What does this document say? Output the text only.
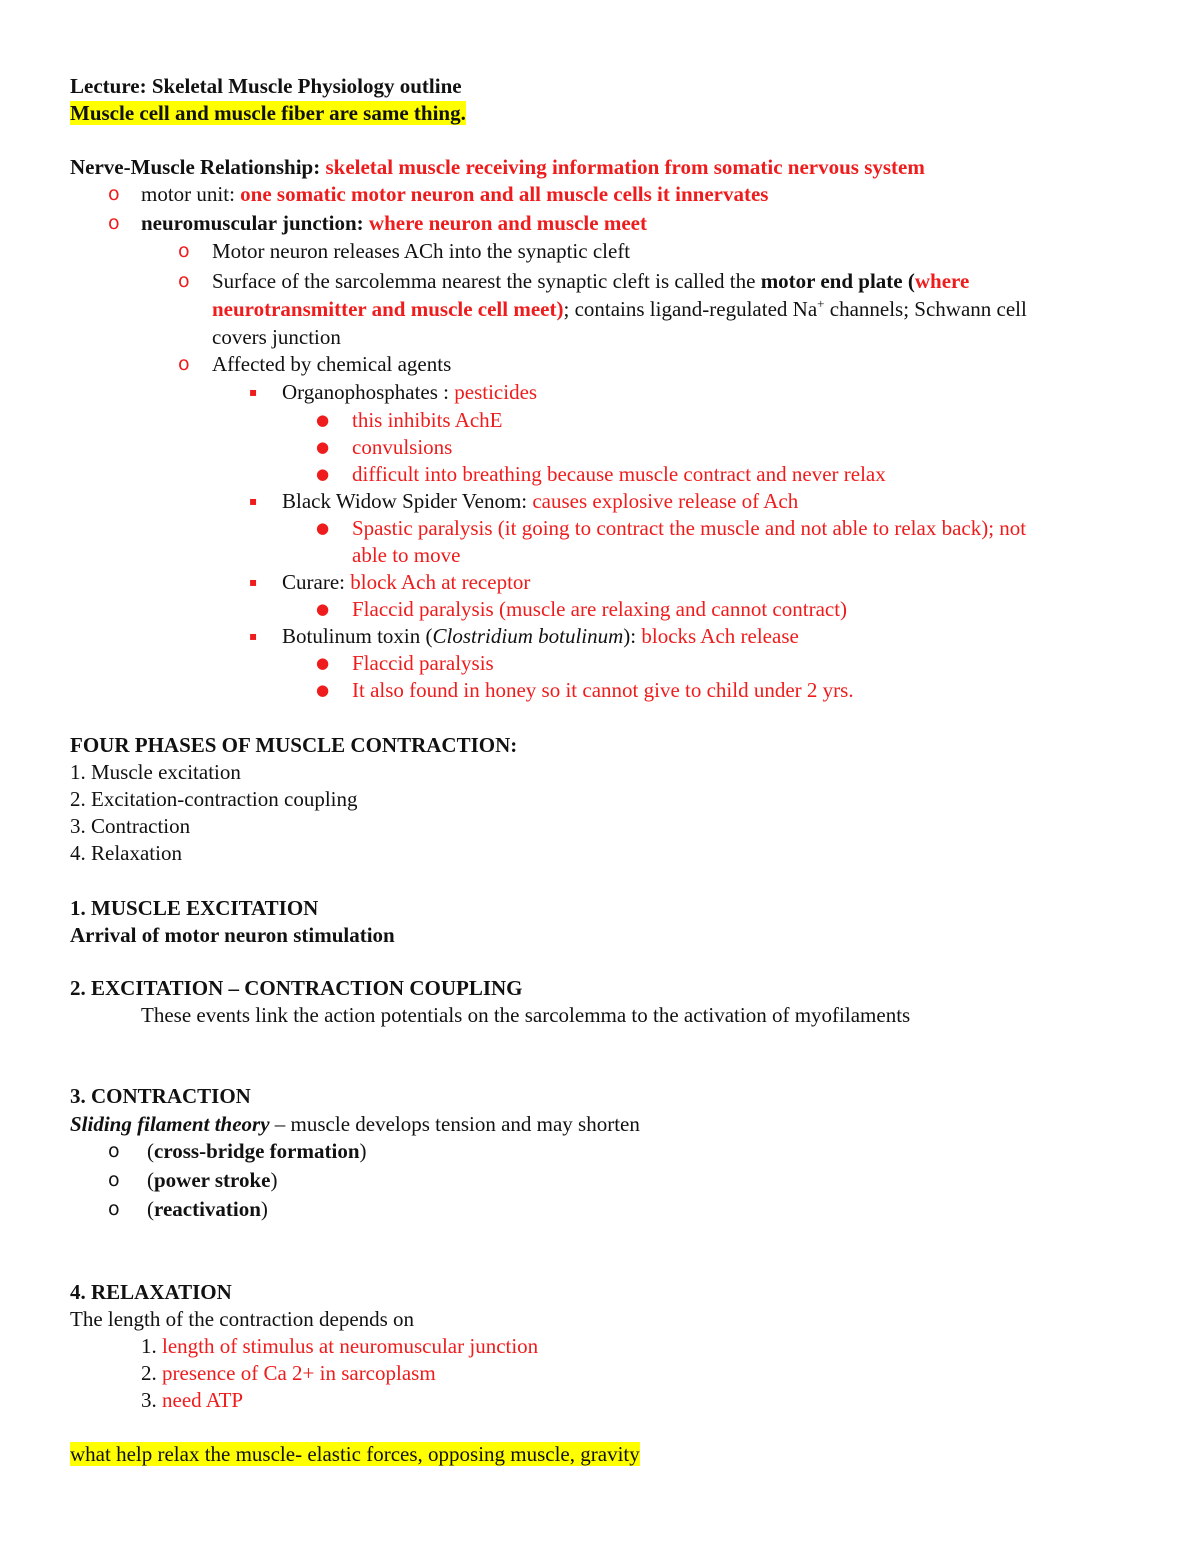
Lecture: Skeletal Muscle Physiology outline
Muscle cell and muscle fiber are same thing.
Nerve-Muscle Relationship: skeletal muscle receiving information from somatic nervous system
o motor unit: one somatic motor neuron and all muscle cells it innervates
o neuromuscular junction: where neuron and muscle meet
o Motor neuron releases ACh into the synaptic cleft
o Surface of the sarcolemma nearest the synaptic cleft is called the motor end plate (where
neurotransmitter and muscle cell meet); contains ligand-regulated Na+ channels; Schwann cell
covers junction
o Affected by chemical agents
▪ Organophosphates : pesticides
● this inhibits AchE
● convulsions
● difficult into breathing because muscle contract and never relax
▪ Black Widow Spider Venom: causes explosive release of Ach
● Spastic paralysis (it going to contract the muscle and not able to relax back); not
able to move
▪ Curare: block Ach at receptor
● Flaccid paralysis (muscle are relaxing and cannot contract)
▪ Botulinum toxin (Clostridium botulinum): blocks Ach release
● Flaccid paralysis
● It also found in honey so it cannot give to child under 2 yrs.
FOUR PHASES OF MUSCLE CONTRACTION:
1. Muscle excitation
2. Excitation-contraction coupling
3. Contraction
4. Relaxation
1. MUSCLE EXCITATION
Arrival of motor neuron stimulation
2. EXCITATION – CONTRACTION COUPLING
These events link the action potentials on the sarcolemma to the activation of myofilaments
3. CONTRACTION
Sliding filament theory – muscle develops tension and may shorten
o (cross-bridge formation)
o (power stroke)
o (reactivation)
4. RELAXATION
The length of the contraction depends on
1. length of stimulus at neuromuscular junction
2. presence of Ca 2+ in sarcoplasm
3. need ATP
what help relax the muscle- elastic forces, opposing muscle, gravity
